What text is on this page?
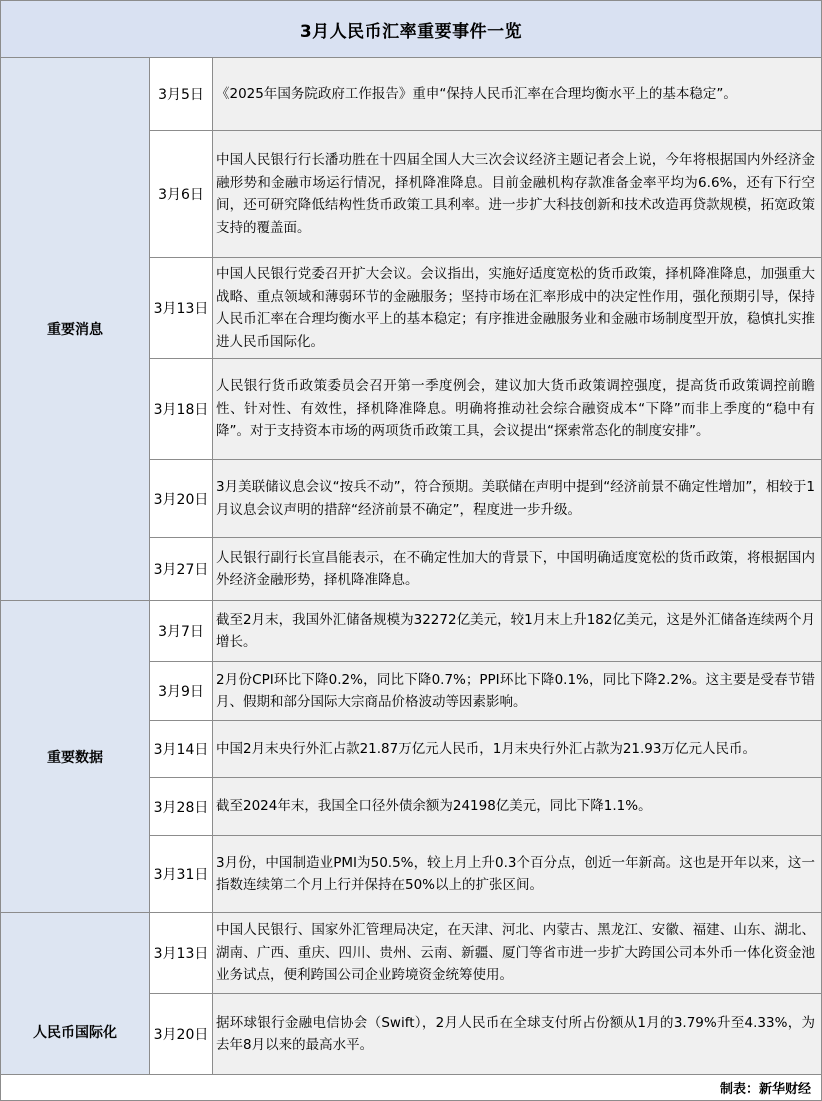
3月人民币汇率重要事件一览
重要消息
3月5日 《2025年国务院政府工作报告》重申“保持人民币汇率在合理均衡水平上的基本稳定”。
3月6日
中国人民银行行长潘功胜在十四届全国人大三次会议经济主题记者会上说，今年将根据国内外经济金融形势和金融市场运行情况，择机降准降息。目前金融机构存款准备金率平均为6.6%，还有下行空间，还可研究降低结构性货币政策工具利率。进一步扩大科技创新和技术改造再贷款规模，拓宽政策支持的覆盖面。
3月13日
中国人民银行党委召开扩大会议。会议指出，实施好适度宽松的货币政策，择机降准降息，加强重大战略、重点领域和薄弱环节的金融服务；坚持市场在汇率形成中的决定性作用，强化预期引导，保持人民币汇率在合理均衡水平上的基本稳定；有序推进金融服务业和金融市场制度型开放，稳慎扎实推进人民币国际化。
3月18日
人民银行货币政策委员会召开第一季度例会，建议加大货币政策调控强度，提高货币政策调控前瞻性、针对性、有效性，择机降准降息。明确将推动社会综合融资成本“下降”而非上季度的“稳中有降”。对于支持资本市场的两项货币政策工具，会议提出“探索常态化的制度安排”。
3月20日
3月美联储议息会议“按兵不动”，符合预期。美联储在声明中提到“经济前景不确定性增加”，相较于1月议息会议声明的措辞“经济前景不确定”，程度进一步升级。
3月27日
人民银行副行长宣昌能表示，在不确定性加大的背景下，中国明确适度宽松的货币政策，将根据国内外经济金融形势，择机降准降息。
重要数据
3月7日
截至2月末，我国外汇储备规模为32272亿美元，较1月末上升182亿美元，这是外汇储备连续两个月增长。
3月9日
2月份CPI环比下降0.2%，同比下降0.7%；PPI环比下降0.1%，同比下降2.2%。这主要是受春节错月、假期和部分国际大宗商品价格波动等因素影响。
3月14日 中国2月末央行外汇占款21.87万亿元人民币，1月末央行外汇占款为21.93万亿元人民币。
3月28日 截至2024年末，我国全口径外债余额为24198亿美元，同比下降1.1%。
3月31日
3月份，中国制造业PMI为50.5%，较上月上升0.3个百分点，创近一年新高。这也是开年以来，这一指数连续第二个月上行并保持在50%以上的扩张区间。
人民币国际化
3月13日
中国人民银行、国家外汇管理局决定，在天津、河北、内蒙古、黑龙江、安徽、福建、山东、湖北、湖南、广西、重庆、四川、贵州、云南、新疆、厦门等省市进一步扩大跨国公司本外币一体化资金池业务试点，便利跨国公司企业跨境资金统筹使用。
3月20日
据环球银行金融电信协会（Swift），2月人民币在全球支付所占份额从1月的3.79%升至4.33%，为去年8月以来的最高水平。
制表：新华财经
